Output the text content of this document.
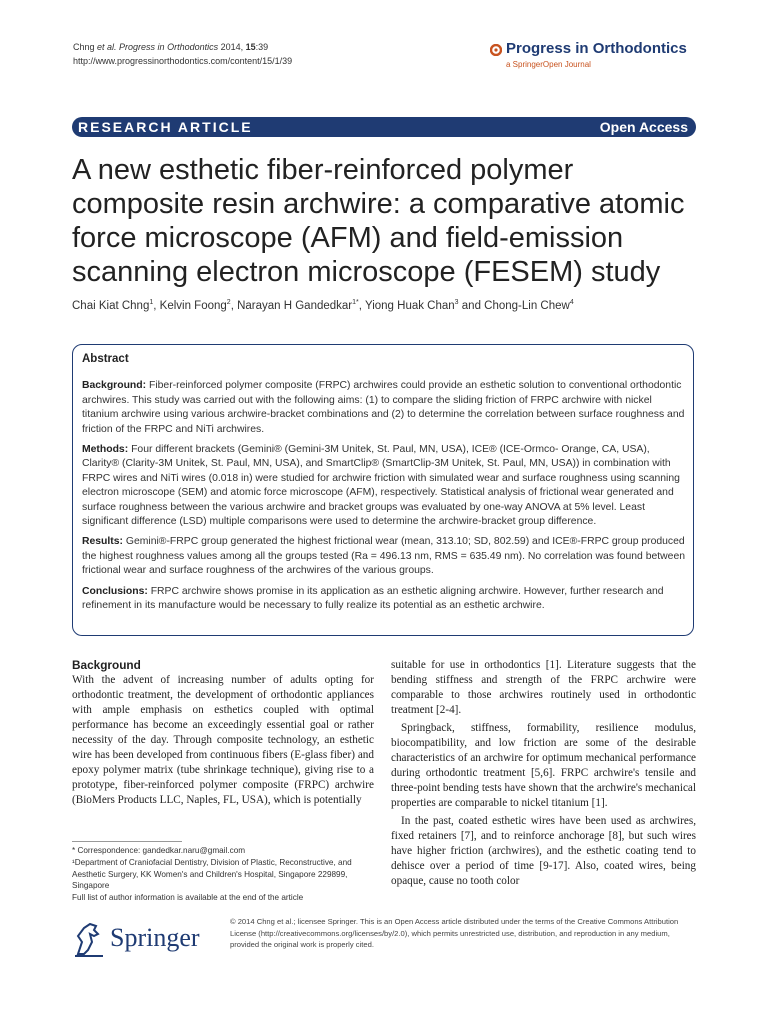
Chng et al. Progress in Orthodontics 2014, 15:39
http://www.progressinorthodontics.com/content/15/1/39
Progress in Orthodontics
a SpringerOpen Journal
RESEARCH ARTICLE	Open Access
A new esthetic fiber-reinforced polymer composite resin archwire: a comparative atomic force microscope (AFM) and field-emission scanning electron microscope (FESEM) study
Chai Kiat Chng$^1$, Kelvin Foong$^2$, Narayan H Gandedkar$^{1*}$, Yiong Huak Chan$^3$ and Chong-Lin Chew$^4$
Abstract

Background: Fiber-reinforced polymer composite (FRPC) archwires could provide an esthetic solution to conventional orthodontic archwires. This study was carried out with the following aims: (1) to compare the sliding friction of FRPC archwire with nickel titanium archwire using various archwire-bracket combinations and (2) to determine the correlation between surface roughness and friction of the FRPC and NiTi archwires.

Methods: Four different brackets (Gemini® (Gemini-3M Unitek, St. Paul, MN, USA), ICE® (ICE-Ormco- Orange, CA, USA), Clarity® (Clarity-3M Unitek, St. Paul, MN, USA), and SmartClip® (SmartClip-3M Unitek, St. Paul, MN, USA)) in combination with FRPC wires and NiTi wires (0.018 in) were studied for archwire friction with simulated wear and surface roughness using scanning electron microscope (SEM) and atomic force microscope (AFM), respectively. Statistical analysis of frictional wear generated and surface roughness between the various archwire and bracket groups was evaluated by one-way ANOVA at 5% level. Least significant difference (LSD) multiple comparisons were used to determine the archwire-bracket group difference.

Results: Gemini®-FRPC group generated the highest frictional wear (mean, 313.10; SD, 802.59) and ICE®-FRPC group produced the highest roughness values among all the groups tested (Ra = 496.13 nm, RMS = 635.49 nm). No correlation was found between frictional wear and surface roughness of the archwires of the various groups.

Conclusions: FRPC archwire shows promise in its application as an esthetic aligning archwire. However, further research and refinement in its manufacture would be necessary to fully realize its potential as an esthetic archwire.

Background

With the advent of increasing number of adults opting for orthodontic treatment, the development of orthodontic appliances with ample emphasis on esthetics coupled with optimal performance has become an exceedingly essential goal or rather necessity of the day. Through composite technology, an esthetic wire has been developed from continuous fibers (E-glass fiber) and epoxy polymer matrix (tube shrinkage technique), giving rise to a prototype, fiber-reinforced polymer composite (FRPC) archwire (BioMers Products LLC, Naples, FL, USA), which is potentially

suitable for use in orthodontics [1]. Literature suggests that the bending stiffness and strength of the FRPC archwire were comparable to those archwires routinely used in orthodontic treatment [2-4].

Springback, stiffness, formability, resilience modulus, biocompatibility, and low friction are some of the desirable characteristics of an archwire for optimum mechanical performance during orthodontic treatment [5,6]. FRPC archwire's tensile and three-point bending tests have shown that the archwire's mechanical properties are comparable to nickel titanium [1].

In the past, coated esthetic wires have been used as archwires, fixed retainers [7], and to reinforce anchorage [8], but such wires have higher friction (archwires), and the esthetic coating tend to dehisce over a period of time [9-17]. Also, coated wires, being opaque, cause no tooth color

* Correspondence: gandedkar.naru@gmail.com

¹Department of Craniofacial Dentistry, Division of Plastic, Reconstructive, and Aesthetic Surgery, KK Women's and Children's Hospital, Singapore 229899, Singapore

Full list of author information is available at the end of the article

Springer
© 2014 Chng et al.; licensee Springer. This is an Open Access article distributed under the terms of the Creative Commons Attribution License (http://creativecommons.org/licenses/by/2.0), which permits unrestricted use, distribution, and reproduction in any medium, provided the original work is properly cited.
